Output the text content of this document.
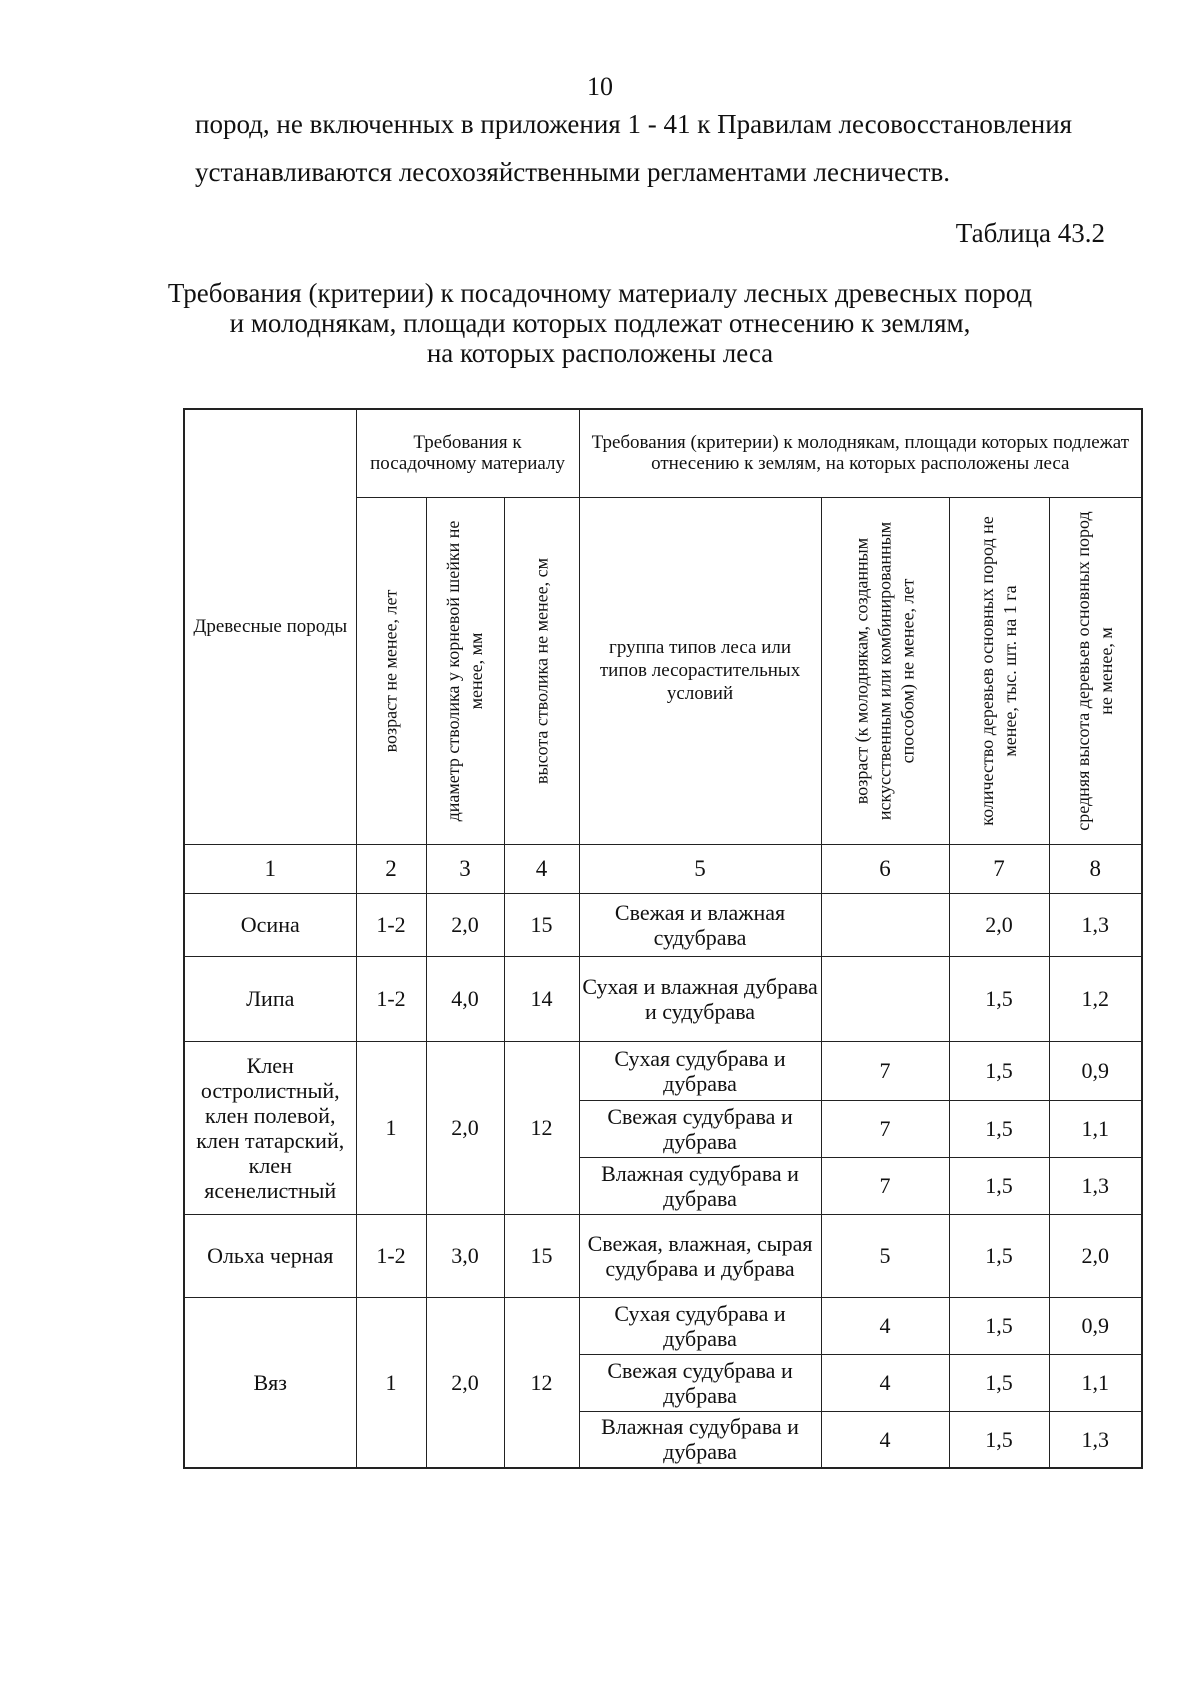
10
пород, не включенных в приложения 1 - 41 к Правилам лесовосстановления
устанавливаются лесохозяйственными регламентами лесничеств.
Таблица 43.2
Требования (критерии) к посадочному материалу лесных древесных пород
и молоднякам, площади которых подлежат отнесению к землям,
на которых расположены леса
Древесные породы	Требования к посадочному материалу			Требования (критерии) к молоднякам, площади которых подлежат отнесению к землям, на которых расположены леса			

	возраст не менее, лет	диаметр стволика у корневой шейки не менее, мм	высота стволика не менее, см	группа типов леса или типов лесорастительных условий	возраст (к молоднякам, созданным искусственным или комбинированным способом) не менее, лет	количество деревьев основных пород не менее, тыс. шт. на 1 га	средняя высота деревьев основных пород не менее, м

1	2	3	4	5	6	7	8
Осина	1-2	2,0	15	Свежая и влажная судубрава		2,0	1,3
Липа	1-2	4,0	14	Сухая и влажная дубрава и судубрава		1,5	1,2
Клен остролистный, клен полевой, клен татарский, клен ясенелистный	1	2,0	12	Сухая судубрава и дубрава	7	1,5	0,9
				Свежая судубрава и дубрава	7	1,5	1,1
				Влажная судубрава и дубрава	7	1,5	1,3
Ольха черная	1-2	3,0	15	Свежая, влажная, сырая судубрава и дубрава	5	1,5	2,0
Вяз	1	2,0	12	Сухая судубрава и дубрава	4	1,5	0,9
				Свежая судубрава и дубрава	4	1,5	1,1
				Влажная судубрава и дубрава	4	1,5	1,3
